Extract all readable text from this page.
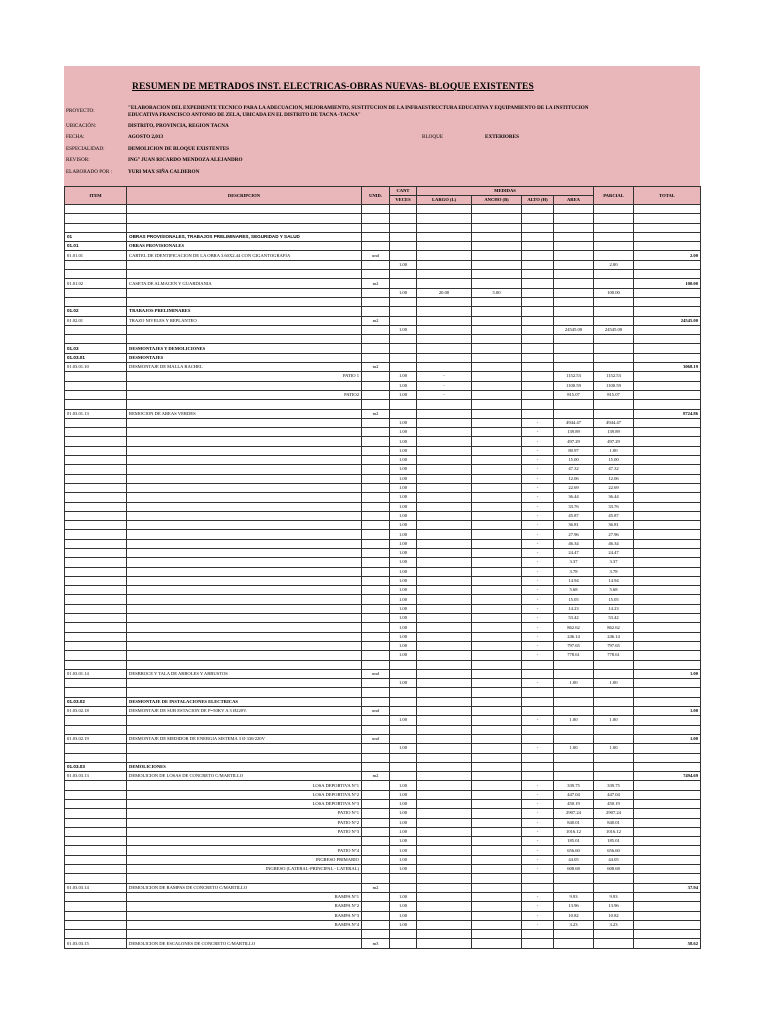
RESUMEN DE METRADOS INST. ELECTRICAS-OBRAS NUEVAS- BLOQUE EXISTENTES
PROYECTO:	"ELABORACION DEL EXPEDIENTE TECNICO PARA LA ADECUACION, MEJORAMIENTO, SUSTITUCION DE LA INFRAESTRUCTURA EDUCATIVA Y EQUIPAMIENTO DE LA INSTITUCION
EDUCATIVA FRANCISCO ANTONIO DE ZELA, UBICADA EN EL DISTRITO DE TACNA -TACNA"
UBICACIÓN:	DISTRITO, PROVINCIA, REGION TACNA
FECHA:	AGOSTO 2,013	BLOQUE	EXTERIORES
ESPECIALIDAD:	DEMOLICION DE BLOQUE EXISTENTES
REVISOR:	ING° JUAN RICARDO MENDOZA ALEJANDRO
ELABORADO POR :	YURI MAX SIÑA CALDERON
ITEM	DESCRIPCION	UNID.	CANT	MEDIDAS				PARCIAL	TOTAL
			VECES	LARGO (L)	ANCHO (B)	ALTO (H)	AREA		

01	OBRAS PROVISIONALES, TRABAJOS PRELIMINARES, SEGURIDAD Y SALUD								
01.01	OBRAS PROVISIONALES								
01.01.01	CARTEL DE IDENTIFICACION DE LA OBRA 3.60X2.44 CON GIGANTOGRAFIA	und							2.00
			1.00					2.00	

01.01.02	CASETA DE ALMACEN Y GUARDIANIA	m2							100.00
			1.00	20.00	5.00			100.00	

01.02	TRABAJOS PRELIMINARES								
01.02.01	TRAZO NIVELES Y REPLANTEO	m2							24545.00
			1.00				24545.00	24545.00	

01.03	DESMONTAJES Y DEMOLICIONES								
01.03.01	DESMONTAJES								
01.03.01.10	DESMONTAJE DE MALLA RACHEL	m2							3068.19
	PATIO 1		1.00	-			1152.53	1152.53	
			1.00	-			1100.59	1100.59	
	PATIO2		1.00	-			815.07	815.07	

01.03.01.13	REMOCION DE AREAS VERDES	m2							8724.86
			1.00			-	4944.47	4944.47	
			1.00			-	139.89	139.89	
			1.00			-	497.29	497.29	
			1.00			-	80.97	1.00	
			1.00			-	15.00	15.00	
			1.00			-	47.32	47.32	
			1.00			-	12.06	12.06	
			1.00			-	22.69	22.69	
			1.00			-	36.44	36.44	
			1.00			-	33.76	33.76	
			1.00			-	45.87	45.87	
			1.00			-	36.81	36.81	
			1.00			-	27.96	27.96	
			1.00			-	46.34	46.34	
			1.00			-	24.47	24.47	
			1.00			-	3.37	3.37	
			1.00			-	3.78	3.78	
			1.00			-	14.94	14.94	
			1.00			-	5.68	5.68	
			1.00			-	15.05	15.05	
			1.00			-	14.23	14.23	
			1.00			-	53.42	53.42	
			1.00			-	862.62	862.62	
			1.00			-	246.14	246.14	
			1.00			-	797.65	797.65	
			1.00			-	778.61	778.61	

01.03.01.14	DESBROCE Y TALA DE ARBOLES Y ARBUSTOS	und							1.00
			1.00			-	1.00	1.00	

01.03.02	DESMONTAJE DE INSTALACIONES ELECTRICAS								
01.03.02.18	DESMONTAJE DE SUB ESTACION DE P=50KV A 3 Ø220V.	und							1.00
			1.00			-	1.00	1.00	

01.03.02.19	DESMONTAJE DE MEDIDOR DE ENERGIA SISTEMA 3 Ø 330/220V	und							1.00
			1.00			-	1.00	1.00	

01.03.03	DEMOLICIONES								
01.03.03.13	DEMOLICION DE LOSAS DE CONCRETO C/MARTILLO	m2							7494.69
	LOSA DEPORTIVA N°1		1.00			-	339.75	339.75	
	LOSA DEPORTIVA N°2		1.00			-	447.04	447.04	
	LOSA DEPORTIVA N°3		1.00			-	450.19	450.19	
	PATIO N°1		1.00			-	2907.24	2907.24	
	PATIO N°2		1.00			-	840.01	840.01	
	PATIO N°3		1.00			-	1016.12	1016.12	
			1.00			-	185.01	185.01	
	PATIO N°4		1.00			-	656.60	656.60	
	INGRESO PRIMARIO		1.00			-	44.05	44.05	
	INGRESO (LATERAL-PRINCIPAL - LATERAL)		1.00			-	608.68	608.68	

01.03.03.14	DEMOLICION DE RAMPAS DE CONCRETO C/MARTILLO	m2							37.94
	RAMPA N°1		1.00			-	9.93	9.93	
	RAMPA N°2		1.00			-	13.96	13.96	
	RAMPA N°3		1.00			-	10.82	10.82	
	RAMPA N°4		1.00			-	3.23	3.23	

01.03.03.15	DEMOLICION DE ESCALONES DE CONCRETO C/MARTILLO	m3							58.62
